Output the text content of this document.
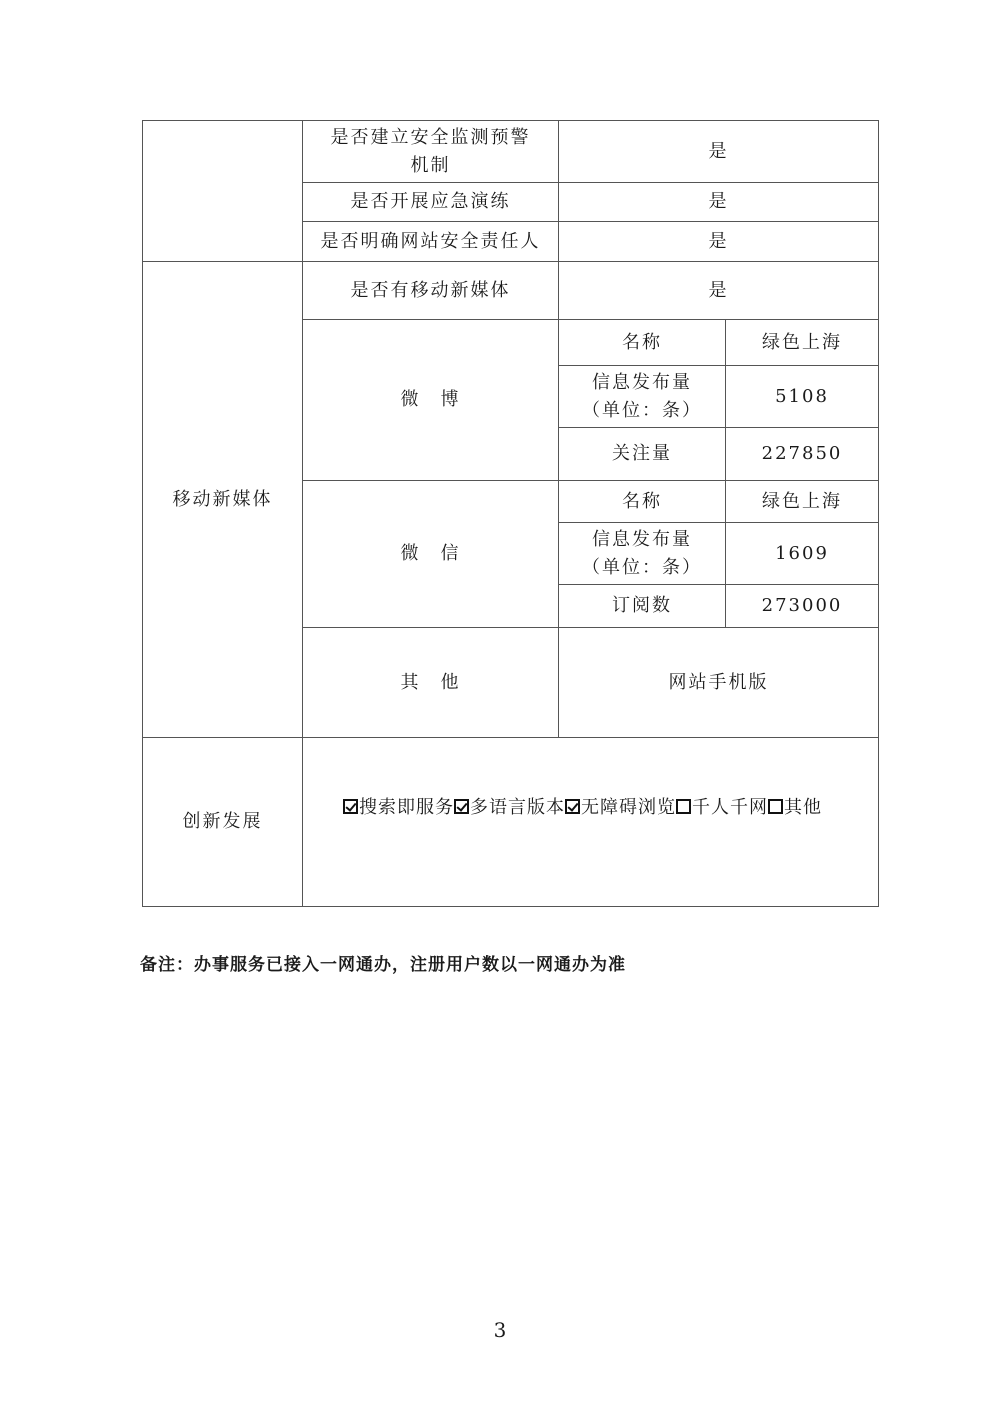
	是否建立安全监测预警
机制	是	
	是否开展应急演练	是	
	是否明确网站安全责任人	是	
移动新媒体	是否有移动新媒体	是	
	微　博	名称	绿色上海
		信息发布量
（单位：条）	5108
		关注量	227850
	微　信	名称	绿色上海
		信息发布量
（单位：条）	1609
		订阅数	273000
	其　他	网站手机版	
创新发展	搜索即服务 多语言版本 无障碍浏览 千人千网 其他		
备注：办事服务已接入一网通办，注册用户数以一网通办为准
3
